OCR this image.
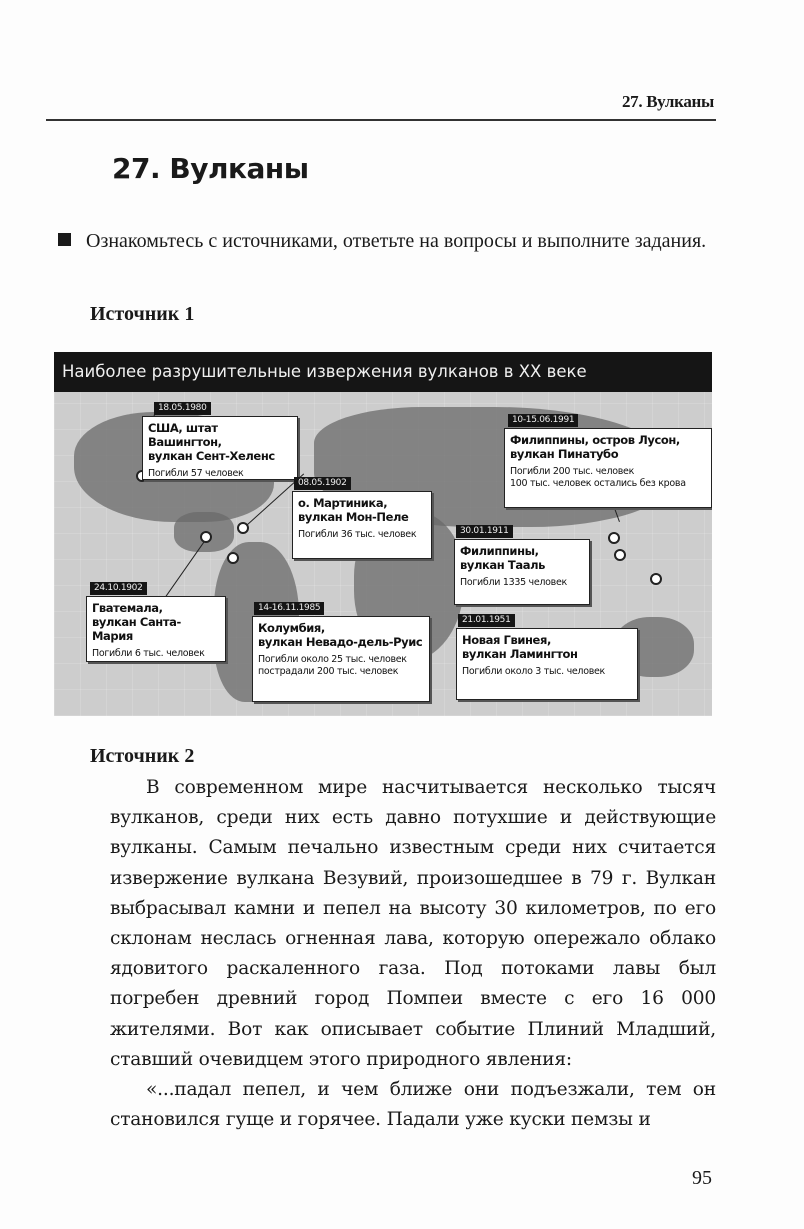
27. Вулканы
27. Вулканы
Ознакомьтесь с источниками, ответьте на вопросы и выполните задания.
Источник 1
Наиболее разрушительные извержения вулканов в XX веке
18.05.1980
США, штат Вашингтон,
вулкан Сент-Хеленс
Погибли 57 человек
08.05.1902
о. Мартиника,
вулкан Мон-Пеле
Погибли 36 тыс. человек
10-15.06.1991
Филиппины, остров Лусон,
вулкан Пинатубо
Погибли 200 тыс. человек
100 тыс. человек остались без крова
30.01.1911
Филиппины,
вулкан Тааль
Погибли 1335 человек
24.10.1902
Гватемала,
вулкан Санта-Мария
Погибли 6 тыс. человек
14-16.11.1985
Колумбия,
вулкан Невадо-дель-Руис
Погибли около 25 тыс. человек
пострадали 200 тыс. человек
21.01.1951
Новая Гвинея,
вулкан Ламингтон
Погибли около 3 тыс. человек
Источник 2

В современном мире насчитывается несколько тысяч вулканов, среди них есть давно потухшие и действующие вулканы. Самым печально известным среди них считается извержение вулкана Везувий, произошедшее в 79 г. Вулкан выбрасывал камни и пепел на высоту 30 километров, по его склонам неслась огненная лава, которую опережало облако ядовитого раскаленного газа. Под потоками лавы был погребен древний город Помпеи вместе с его 16 000 жителями. Вот как описывает событие Плиний Младший, ставший очевидцем этого природного явления:

«...падал пепел, и чем ближе они подъезжали, тем он становился гуще и горячее. Падали уже куски пемзы и

95
